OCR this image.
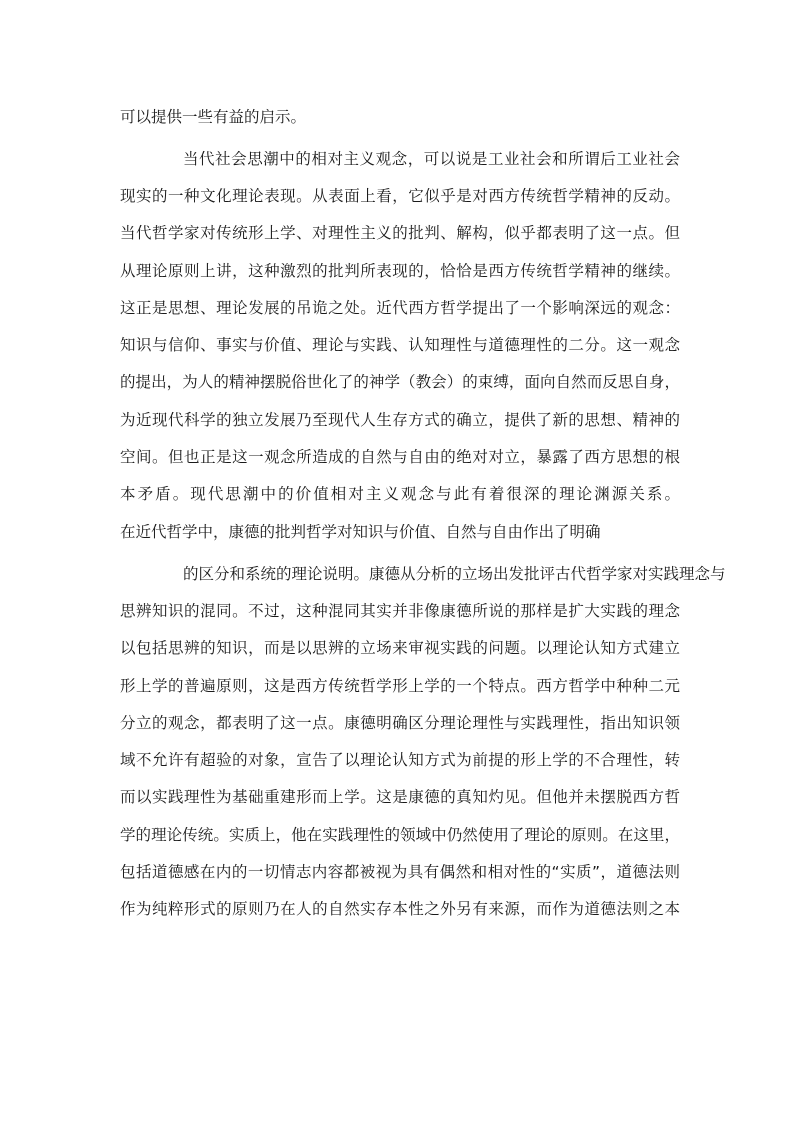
可以提供一些有益的启示。
当代社会思潮中的相对主义观念，可以说是工业社会和所谓后工业社会
现实的一种文化理论表现。从表面上看，它似乎是对西方传统哲学精神的反动。
当代哲学家对传统形上学、对理性主义的批判、解构，似乎都表明了这一点。但
从理论原则上讲，这种激烈的批判所表现的，恰恰是西方传统哲学精神的继续。
这正是思想、理论发展的吊诡之处。近代西方哲学提出了一个影响深远的观念：
知识与信仰、事实与价值、理论与实践、认知理性与道德理性的二分。这一观念
的提出，为人的精神摆脱俗世化了的神学（教会）的束缚，面向自然而反思自身，
为近现代科学的独立发展乃至现代人生存方式的确立，提供了新的思想、精神的
空间。但也正是这一观念所造成的自然与自由的绝对对立，暴露了西方思想的根
本矛盾。现代思潮中的价值相对主义观念与此有着很深的理论渊源关系。
在近代哲学中，康德的批判哲学对知识与价值、自然与自由作出了明确
的区分和系统的理论说明。康德从分析的立场出发批评古代哲学家对实践理念与
思辨知识的混同。不过，这种混同其实并非像康德所说的那样是扩大实践的理念
以包括思辨的知识，而是以思辨的立场来审视实践的问题。以理论认知方式建立
形上学的普遍原则，这是西方传统哲学形上学的一个特点。西方哲学中种种二元
分立的观念，都表明了这一点。康德明确区分理论理性与实践理性，指出知识领
域不允许有超验的对象，宣告了以理论认知方式为前提的形上学的不合理性，转
而以实践理性为基础重建形而上学。这是康德的真知灼见。但他并未摆脱西方哲
学的理论传统。实质上，他在实践理性的领域中仍然使用了理论的原则。在这里，
包括道德感在内的一切情志内容都被视为具有偶然和相对性的“实质”，道德法则
作为纯粹形式的原则乃在人的自然实存本性之外另有来源，而作为道德法则之本
